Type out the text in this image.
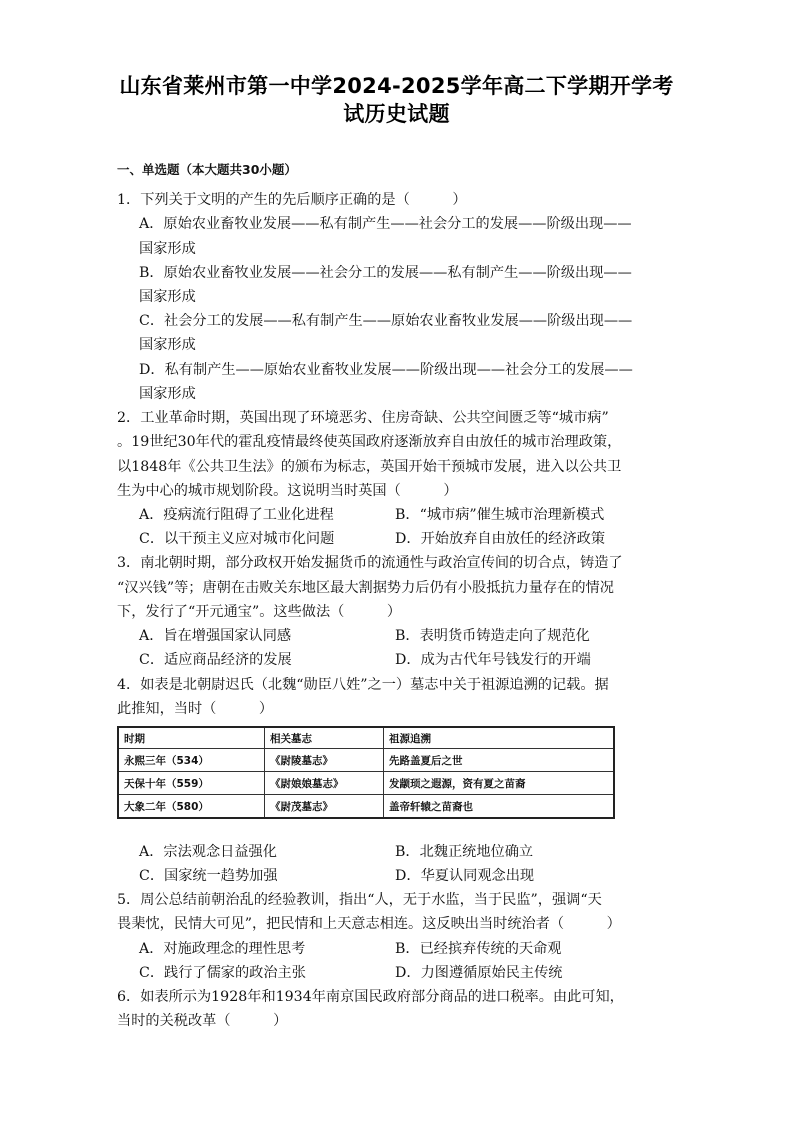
山东省莱州市第一中学2024-2025学年高二下学期开学考
试历史试题
一、单选题（本大题共30小题）
1．下列关于文明的产生的先后顺序正确的是（　　　）
A．原始农业畜牧业发展——私有制产生——社会分工的发展——阶级出现——
国家形成
B．原始农业畜牧业发展——社会分工的发展——私有制产生——阶级出现——
国家形成
C．社会分工的发展——私有制产生——原始农业畜牧业发展——阶级出现——
国家形成
D．私有制产生——原始农业畜牧业发展——阶级出现——社会分工的发展——
国家形成
2．工业革命时期，英国出现了环境恶劣、住房奇缺、公共空间匮乏等“城市病”
。19世纪30年代的霍乱疫情最终使英国政府逐渐放弃自由放任的城市治理政策，
以1848年《公共卫生法》的颁布为标志，英国开始干预城市发展，进入以公共卫
生为中心的城市规划阶段。这说明当时英国（　　　）
A．疫病流行阻碍了工业化进程	B．“城市病”催生城市治理新模式
C．以干预主义应对城市化问题	D．开始放弃自由放任的经济政策
3．南北朝时期，部分政权开始发掘货币的流通性与政治宣传间的切合点，铸造了
“汉兴钱”等；唐朝在击败关东地区最大割据势力后仍有小股抵抗力量存在的情况
下，发行了“开元通宝”。这些做法（　　　）
A．旨在增强国家认同感	B．表明货币铸造走向了规范化
C．适应商品经济的发展	D．成为古代年号钱发行的开端
4．如表是北朝尉迟氏（北魏“勋臣八姓”之一）墓志中关于祖源追溯的记载。据
此推知，当时（　　　）
时期	相关墓志	祖源追溯
永熙三年（534）	《尉陵墓志》	先路盖夏后之世
天保十年（559）	《尉娘娘墓志》	发颛顼之遐源，资有夏之苗裔
大象二年（580）	《尉茂墓志》	盖帝轩辕之苗裔也
A．宗法观念日益强化	B．北魏正统地位确立
C．国家统一趋势加强	D．华夏认同观念出现
5．周公总结前朝治乱的经验教训，指出“人，无于水监，当于民监”，强调“天
畏棐忱，民情大可见”，把民情和上天意志相连。这反映出当时统治者（　　　）
A．对施政理念的理性思考	B．已经摈弃传统的天命观
C．践行了儒家的政治主张	D．力图遵循原始民主传统
6．如表所示为1928年和1934年南京国民政府部分商品的进口税率。由此可知，
当时的关税改革（　　　）
